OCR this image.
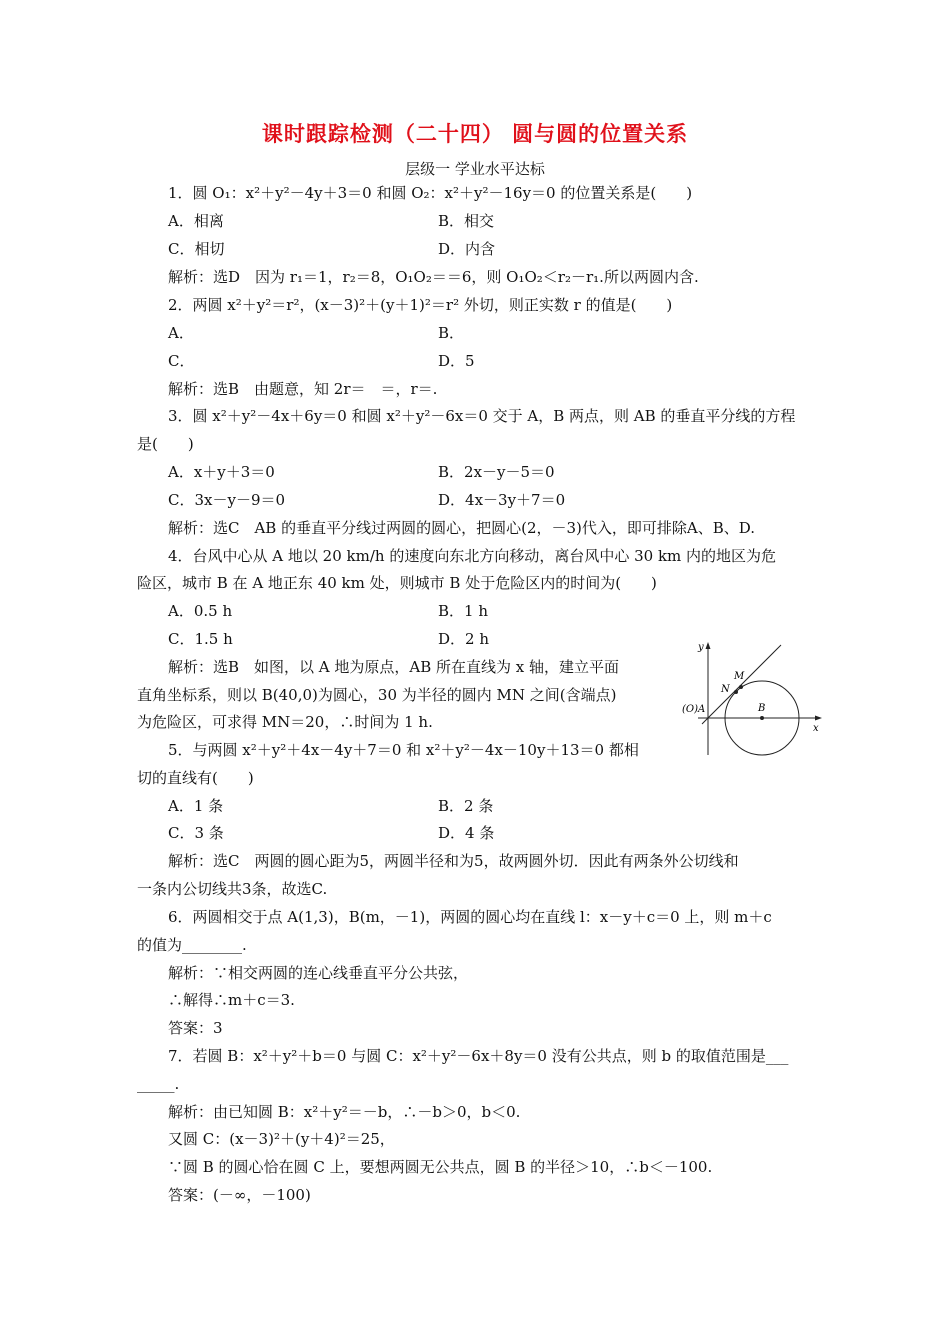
课时跟踪检测（二十四） 圆与圆的位置关系
层级一 学业水平达标
1．圆 O₁：x²＋y²－4y＋3＝0 和圆 O₂：x²＋y²－16y＝0 的位置关系是(　　)
A．相离	B．相交
C．相切	D．内含
解析：选D　因为 r₁＝1，r₂＝8，O₁O₂＝＝6，则 O₁O₂＜r₂－r₁.所以两圆内含.
2．两圆 x²＋y²＝r²，(x－3)²＋(y＋1)²＝r² 外切，则正实数 r 的值是(　　)
A．	B．
C．	D．5
解析：选B　由题意，知 2r＝　＝，r＝.
3．圆 x²＋y²－4x＋6y＝0 和圆 x²＋y²－6x＝0 交于 A，B 两点，则 AB 的垂直平分线的方程
是(　　)
A．x＋y＋3＝0	B．2x－y－5＝0
C．3x－y－9＝0	D．4x－3y＋7＝0
解析：选C　AB 的垂直平分线过两圆的圆心，把圆心(2，－3)代入，即可排除A、B、D.
4．台风中心从 A 地以 20 km/h 的速度向东北方向移动，离台风中心 30 km 内的地区为危
险区，城市 B 在 A 地正东 40 km 处，则城市 B 处于危险区内的时间为(　　)
A．0.5 h	B．1 h
C．1.5 h	D．2 h
解析：选B　如图，以 A 地为原点，AB 所在直线为 x 轴，建立平面
直角坐标系，则以 B(40,0)为圆心，30 为半径的圆内 MN 之间(含端点)
为危险区，可求得 MN＝20，∴时间为 1 h.
y
x
(O)A
M
N
B
5．与两圆 x²＋y²＋4x－4y＋7＝0 和 x²＋y²－4x－10y＋13＝0 都相
切的直线有(　　)
A．1 条	B．2 条
C．3 条	D．4 条
解析：选C　两圆的圆心距为5，两圆半径和为5，故两圆外切．因此有两条外公切线和
一条内公切线共3条，故选C.
6．两圆相交于点 A(1,3)，B(m，－1)，两圆的圆心均在直线 l：x－y＋c＝0 上，则 m＋c
的值为________.
解析：∵相交两圆的连心线垂直平分公共弦，
∴解得∴m＋c＝3.
答案：3
7．若圆 B：x²＋y²＋b＝0 与圆 C：x²＋y²－6x＋8y＝0 没有公共点，则 b 的取值范围是___
_____.
解析：由已知圆 B：x²＋y²＝－b，∴－b＞0，b＜0.
又圆 C：(x－3)²＋(y＋4)²＝25，
∵圆 B 的圆心恰在圆 C 上，要想两圆无公共点，圆 B 的半径＞10，∴b＜－100.
答案：(－∞，－100)
